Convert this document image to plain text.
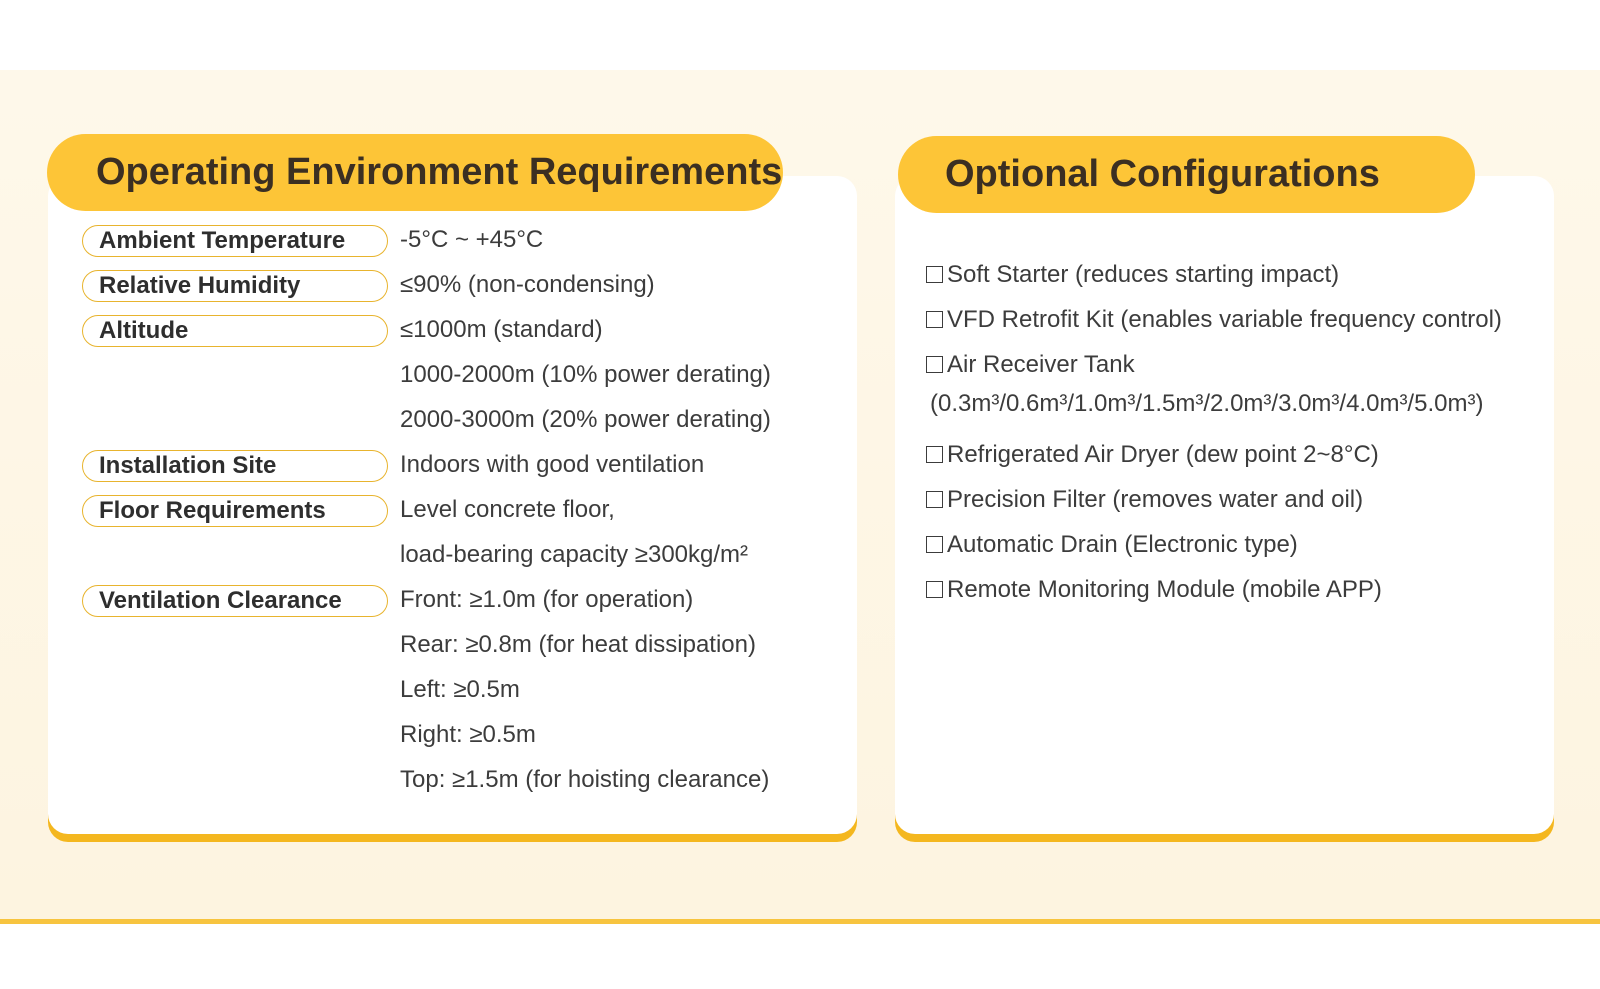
Operating Environment Requirements	Optional Configurations
Ambient Temperature	-5°C ~ +45°C
Relative Humidity	≤90% (non-condensing)
Altitude	≤1000m (standard)
1000-2000m (10% power derating)
2000-3000m (20% power derating)
Installation Site	Indoors with good ventilation
Floor Requirements	Level concrete floor,
load-bearing capacity ≥300kg/m²
Ventilation Clearance	Front: ≥1.0m (for operation)
Rear: ≥0.8m (for heat dissipation)
Left: ≥0.5m
Right: ≥0.5m
Top: ≥1.5m (for hoisting clearance)
Soft Starter (reduces starting impact)
VFD Retrofit Kit (enables variable frequency control)
Air Receiver Tank
(0.3m³/0.6m³/1.0m³/1.5m³/2.0m³/3.0m³/4.0m³/5.0m³)
Refrigerated Air Dryer (dew point 2~8°C)
Precision Filter (removes water and oil)
Automatic Drain (Electronic type)
Remote Monitoring Module (mobile APP)
